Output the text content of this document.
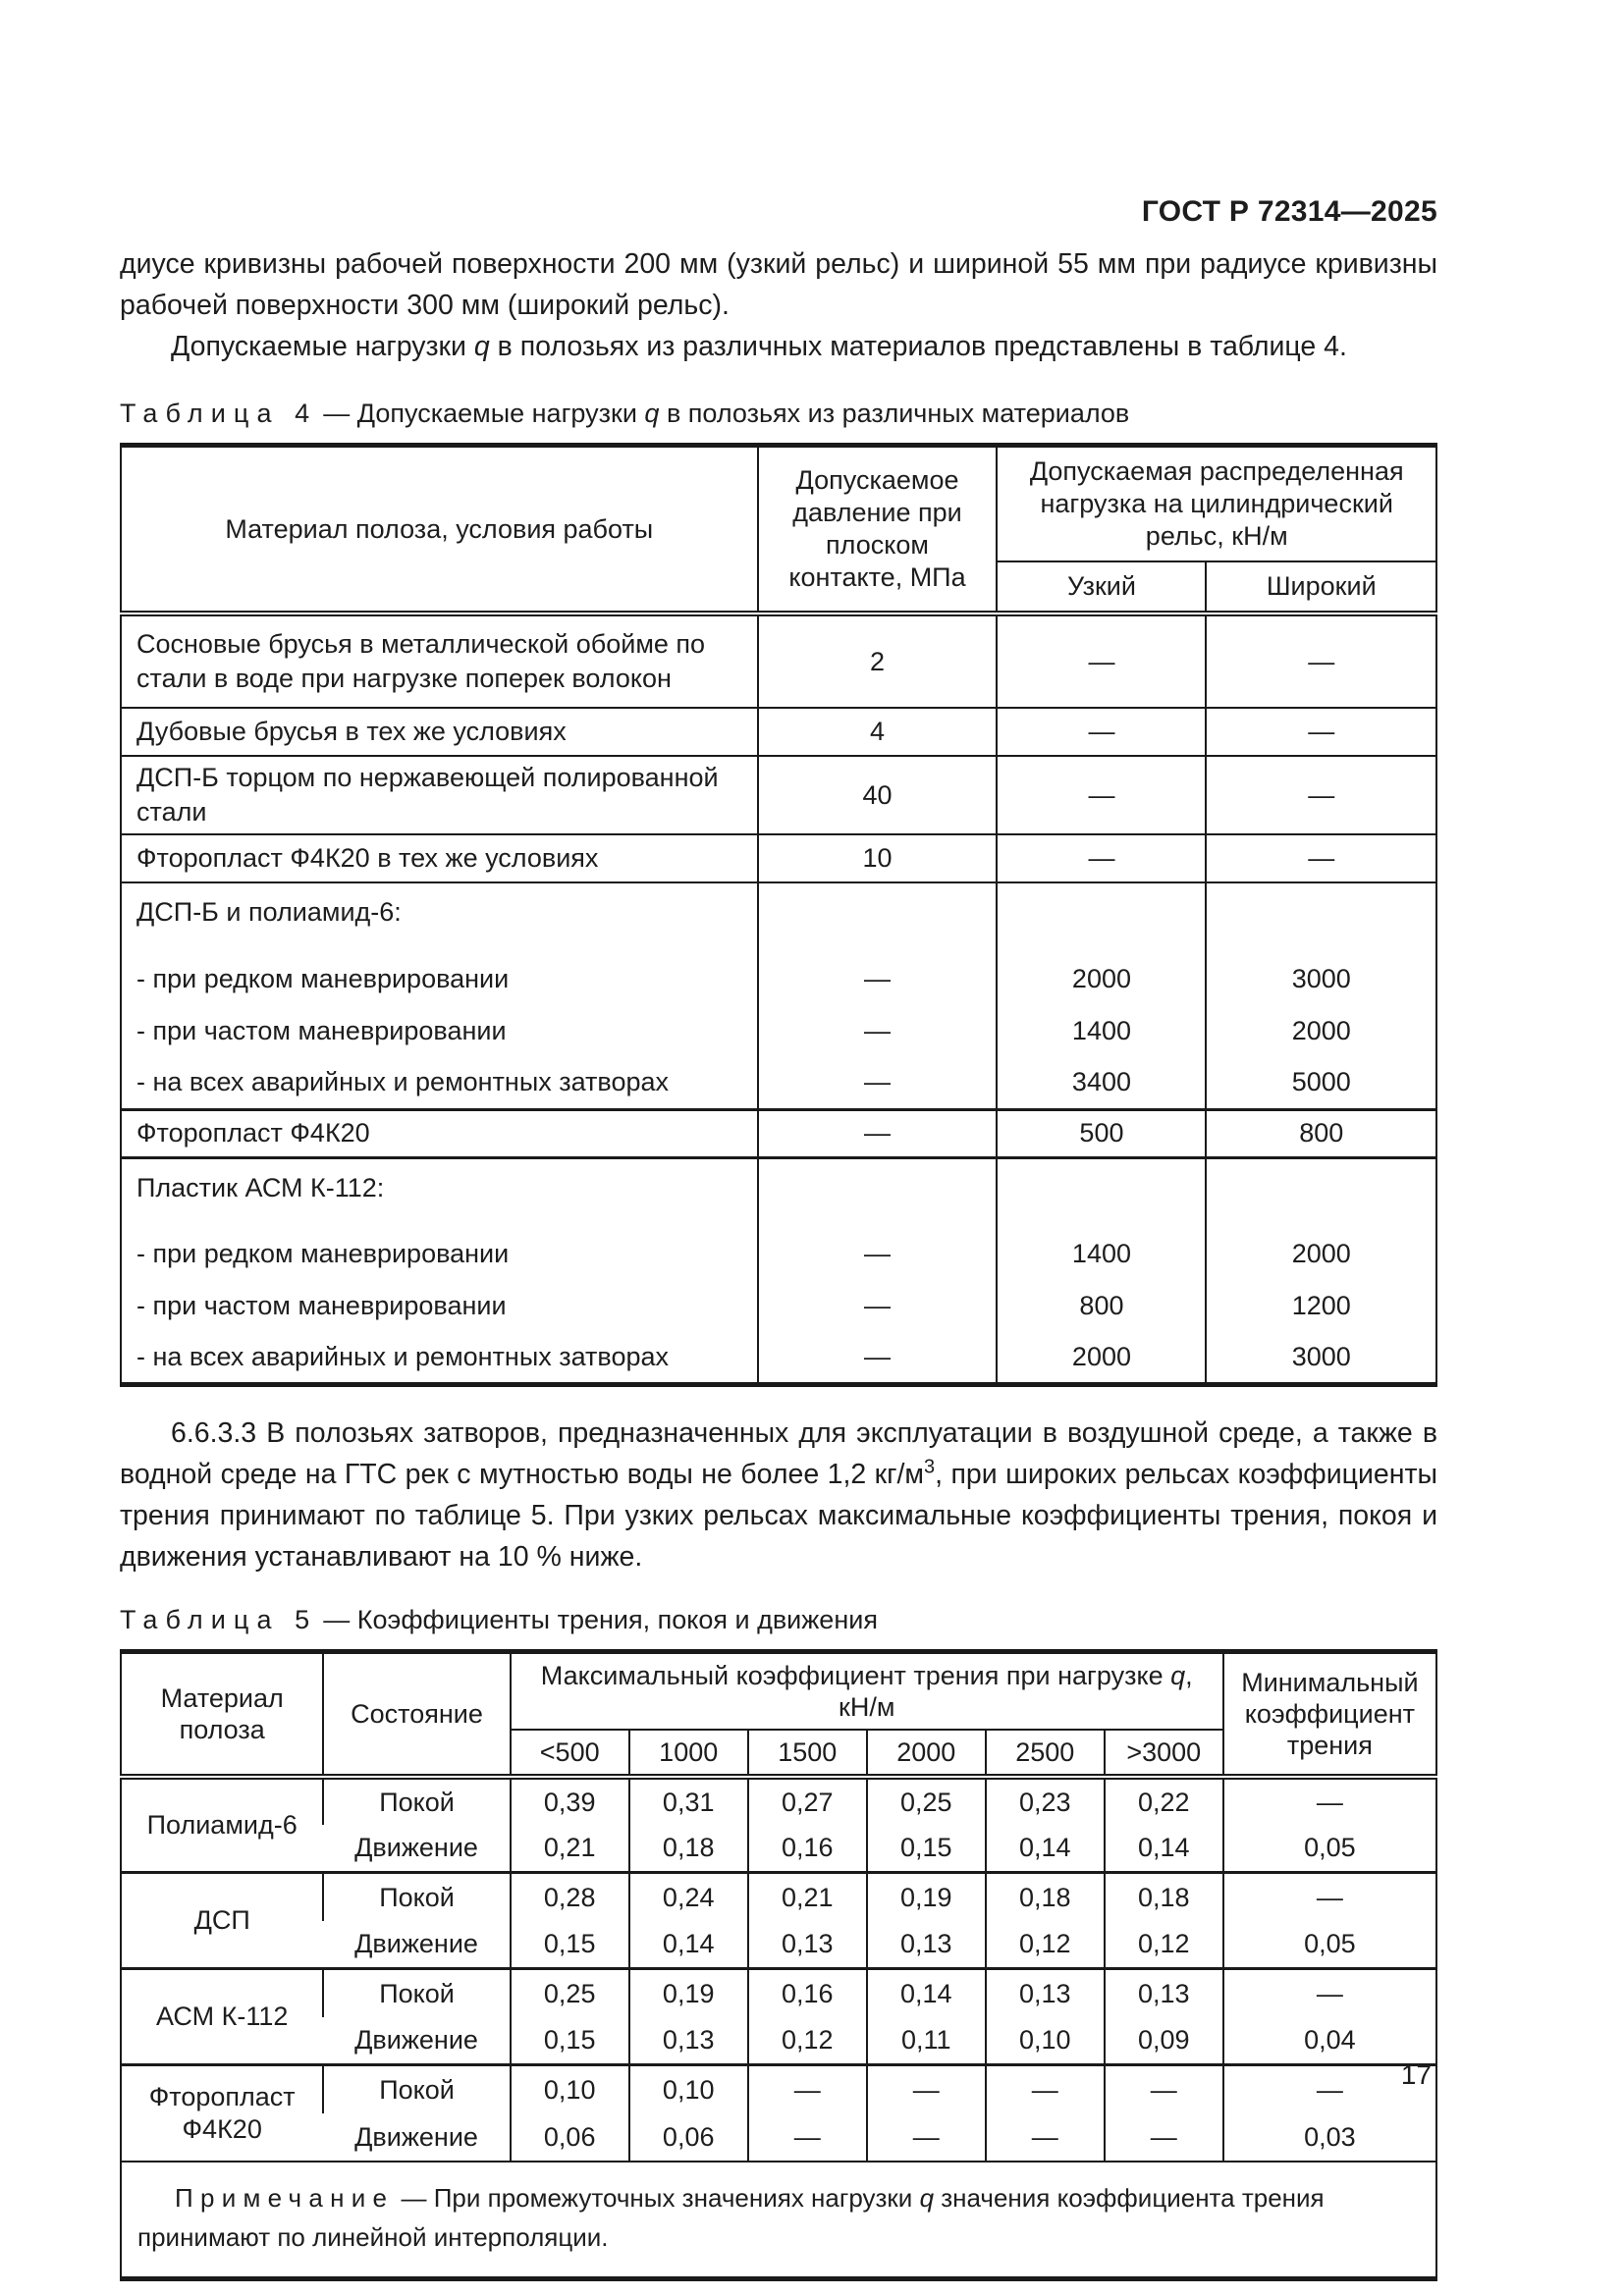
ГОСТ Р 72314—2025

диусе кривизны рабочей поверхности 200 мм (узкий рельс) и шириной 55 мм при радиусе кривизны рабочей поверхности 300 мм (широкий рельс).

Допускаемые нагрузки q в полозьях из различных материалов представлены в таблице 4.

Таблица 4 — Допускаемые нагрузки q в полозьях из различных материалов
Материал полоза, условия работы	Допускаемое давление при плоском контакте, МПа	Допускаемая распределенная нагрузка на цилиндрический рельс, кН/м	
		Узкий	Широкий
Сосновые брусья в металлической обойме по стали в воде при нагрузке поперек волокон	2	—	—
Дубовые брусья в тех же условиях	4	—	—
ДСП-Б торцом по нержавеющей полированной стали	40	—	—
Фторопласт Ф4К20 в тех же условиях	10	—	—
ДСП-Б и полиамид-6:			
- при редком маневрировании	—	2000	3000
- при частом маневрировании	—	1400	2000
- на всех аварийных и ремонтных затворах	—	3400	5000
Фторопласт Ф4К20	—	500	800
Пластик АСМ К-112:			
- при редком маневрировании	—	1400	2000
- при частом маневрировании	—	800	1200
- на всех аварийных и ремонтных затворах	—	2000	3000

6.6.3.3 В полозьях затворов, предназначенных для эксплуатации в воздушной среде, а также в водной среде на ГТС рек с мутностью воды не более 1,2 $кг/м^3$, при широких рельсах коэффициенты трения принимают по таблице 5. При узких рельсах максимальные коэффициенты трения, покоя и движения устанавливают на 10 % ниже.

Таблица 5 — Коэффициенты трения, покоя и движения
Материал полоза	Состояние	Максимальный коэффициент трения при нагрузке q, кН/м						Минимальный коэффициент трения
		<500	1000	1500	2000	2500	>3000	
Полиамид-6	Покой	0,39	0,31	0,27	0,25	0,23	0,22	—
	Движение	0,21	0,18	0,16	0,15	0,14	0,14	0,05
ДСП	Покой	0,28	0,24	0,21	0,19	0,18	0,18	—
	Движение	0,15	0,14	0,13	0,13	0,12	0,12	0,05
АСМ К-112	Покой	0,25	0,19	0,16	0,14	0,13	0,13	—
	Движение	0,15	0,13	0,12	0,11	0,10	0,09	0,04
Фторопласт Ф4К20	Покой	0,10	0,10	—	—	—	—	—
	Движение	0,06	0,06	—	—	—	—	0,03
Примечание — При промежуточных значениях нагрузки q значения коэффициента трения принимают по линейной интерполяции.								
17
